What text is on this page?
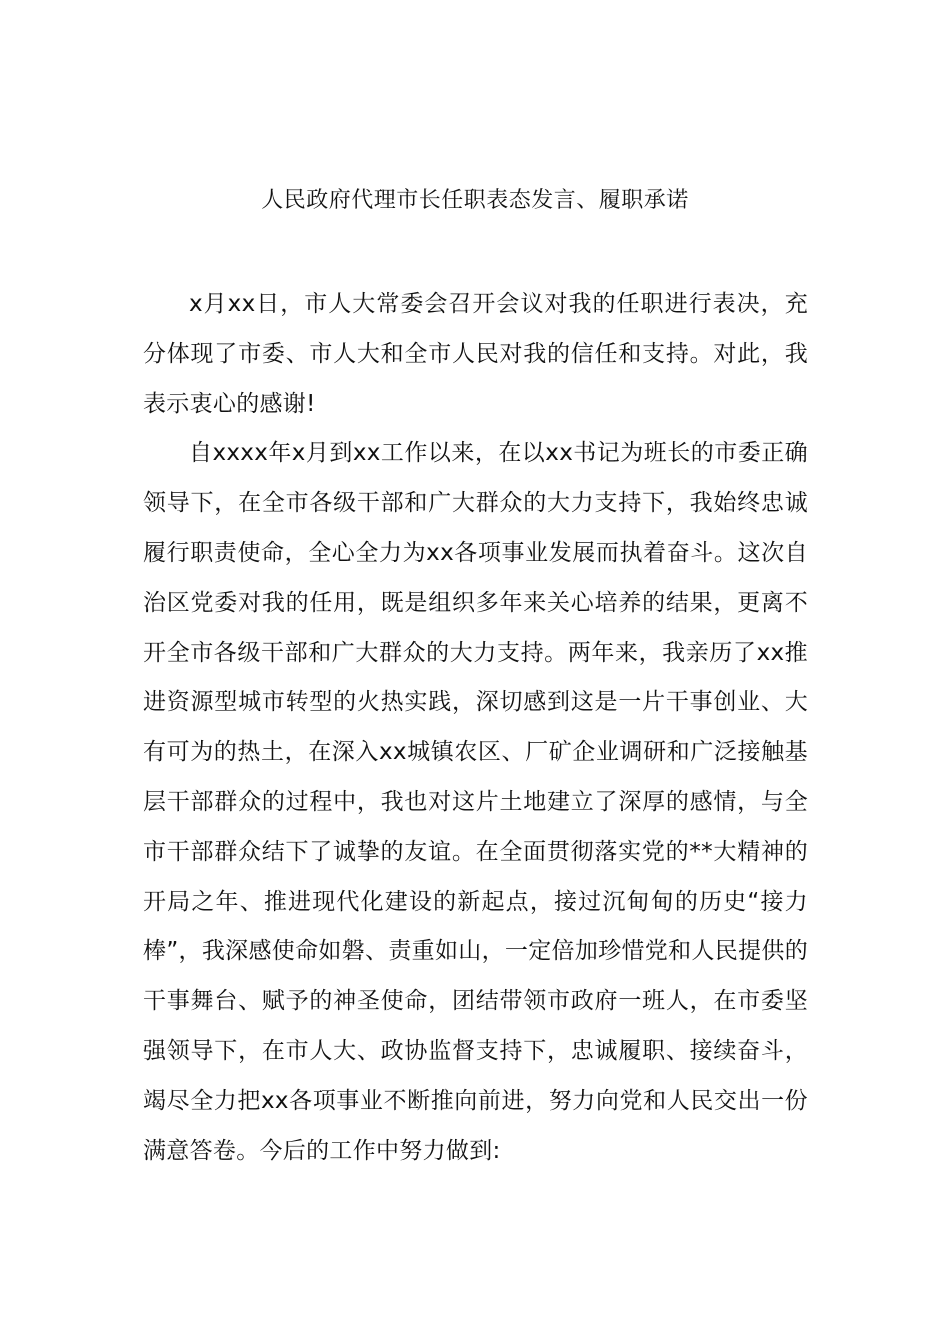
人民政府代理市长任职表态发言、履职承诺

x月xx日，市人大常委会召开会议对我的任职进行表决，充分体现了市委、市人大和全市人民对我的信任和支持。对此，我表示衷心的感谢!

自xxxx年x月到xx工作以来，在以xx书记为班长的市委正确领导下，在全市各级干部和广大群众的大力支持下，我始终忠诚履行职责使命，全心全力为xx各项事业发展而执着奋斗。这次自治区党委对我的任用，既是组织多年来关心培养的结果，更离不开全市各级干部和广大群众的大力支持。两年来，我亲历了xx推进资源型城市转型的火热实践，深切感到这是一片干事创业、大有可为的热土，在深入xx城镇农区、厂矿企业调研和广泛接触基层干部群众的过程中，我也对这片土地建立了深厚的感情，与全市干部群众结下了诚挚的友谊。在全面贯彻落实党的**大精神的开局之年、推进现代化建设的新起点，接过沉甸甸的历史“接力棒”，我深感使命如磐、责重如山，一定倍加珍惜党和人民提供的干事舞台、赋予的神圣使命，团结带领市政府一班人，在市委坚强领导下，在市人大、政协监督支持下，忠诚履职、接续奋斗，竭尽全力把xx各项事业不断推向前进，努力向党和人民交出一份满意答卷。今后的工作中努力做到:
